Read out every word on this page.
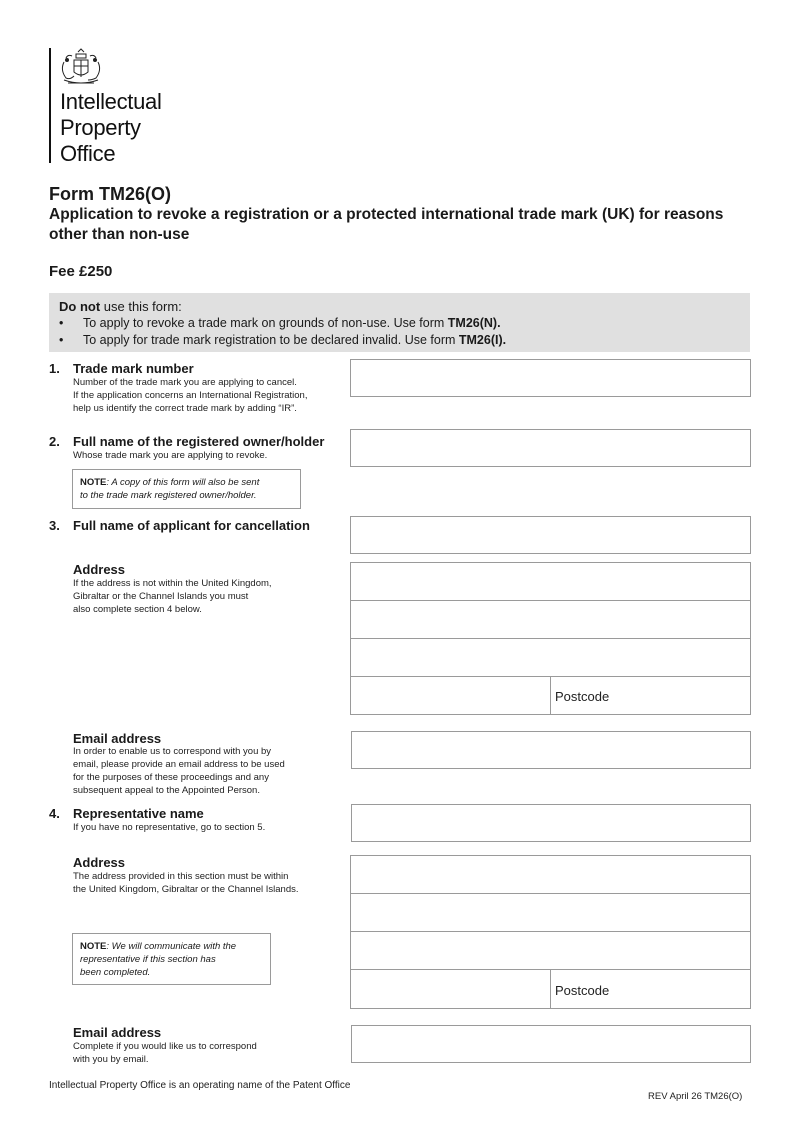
Intellectual
Property
Office
Form TM26(O)
Application to revoke a registration or a protected international trade mark (UK) for reasons other than non-use
Fee £250
Do not use this form:
• To apply to revoke a trade mark on grounds of non-use. Use form TM26(N).
• To apply for trade mark registration to be declared invalid. Use form TM26(I).
1. Trade mark number
Number of the trade mark you are applying to cancel.
If the application concerns an International Registration,
help us identify the correct trade mark by adding “IR”.
2. Full name of the registered owner/holder
Whose trade mark you are applying to revoke.
NOTE: A copy of this form will also be sent
to the trade mark registered owner/holder.
3. Full name of applicant for cancellation
Address
If the address is not within the United Kingdom,
Gibraltar or the Channel Islands you must
also complete section 4 below.
Postcode
Email address
In order to enable us to correspond with you by
email, please provide an email address to be used
for the purposes of these proceedings and any
subsequent appeal to the Appointed Person.
4. Representative name
If you have no representative, go to section 5.
Address
The address provided in this section must be within
the United Kingdom, Gibraltar or the Channel Islands.
NOTE: We will communicate with the
representative if this section has
been completed.
Postcode
Email address
Complete if you would like us to correspond
with you by email.
Intellectual Property Office is an operating name of the Patent Office
REV April 26 TM26(O)
